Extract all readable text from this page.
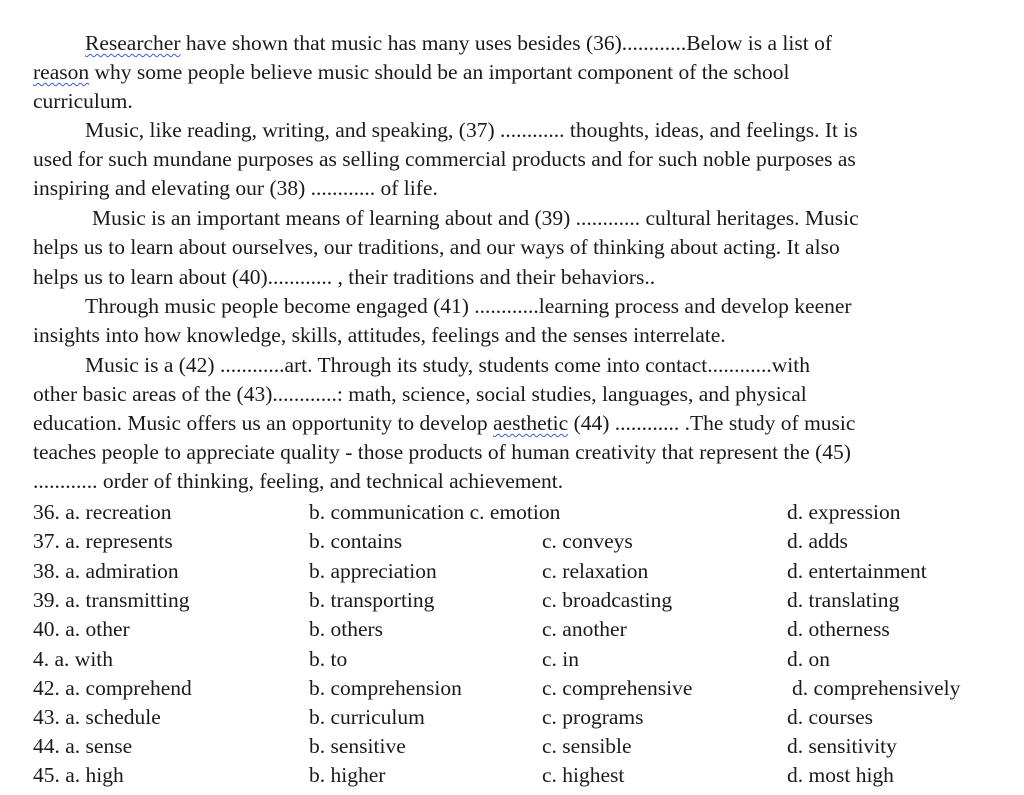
Researcher have shown that music has many uses besides (36)............Below is a list of
reason why some people believe music should be an important component of the school
curriculum.
Music, like reading, writing, and speaking, (37) ............ thoughts, ideas, and feelings. It is
used for such mundane purposes as selling commercial products and for such noble purposes as
inspiring and elevating our (38) ............ of life.
Music is an important means of learning about and (39) ............ cultural heritages. Music
helps us to learn about ourselves, our traditions, and our ways of thinking about acting. It also
helps us to learn about (40)............ , their traditions and their behaviors..
Through music people become engaged (41) ............learning process and develop keener
insights into how knowledge, skills, attitudes, feelings and the senses interrelate.
Music is a (42) ............art. Through its study, students come into contact............with
other basic areas of the (43)............: math, science, social studies, languages, and physical
education. Music offers us an opportunity to develop aesthetic (44) ............ .The study of music
teaches people to appreciate quality - those products of human creativity that represent the (45)
............ order of thinking, feeling, and technical achievement.
36. a. recreation	b. communication c. emotion	d. expression
37. a. represents	b. contains	c. conveys	d. adds
38. a. admiration	b. appreciation	c. relaxation	d. entertainment
39. a. transmitting	b. transporting	c. broadcasting	d. translating
40. a. other	b. others	c. another	d. otherness
4. a. with	b. to	c. in	d. on
42. a. comprehend	b. comprehension	c. comprehensive	d. comprehensively
43. a. schedule	b. curriculum	c. programs	d. courses
44. a. sense	b. sensitive	c. sensible	d. sensitivity
45. a. high	b. higher	c. highest	d. most high
